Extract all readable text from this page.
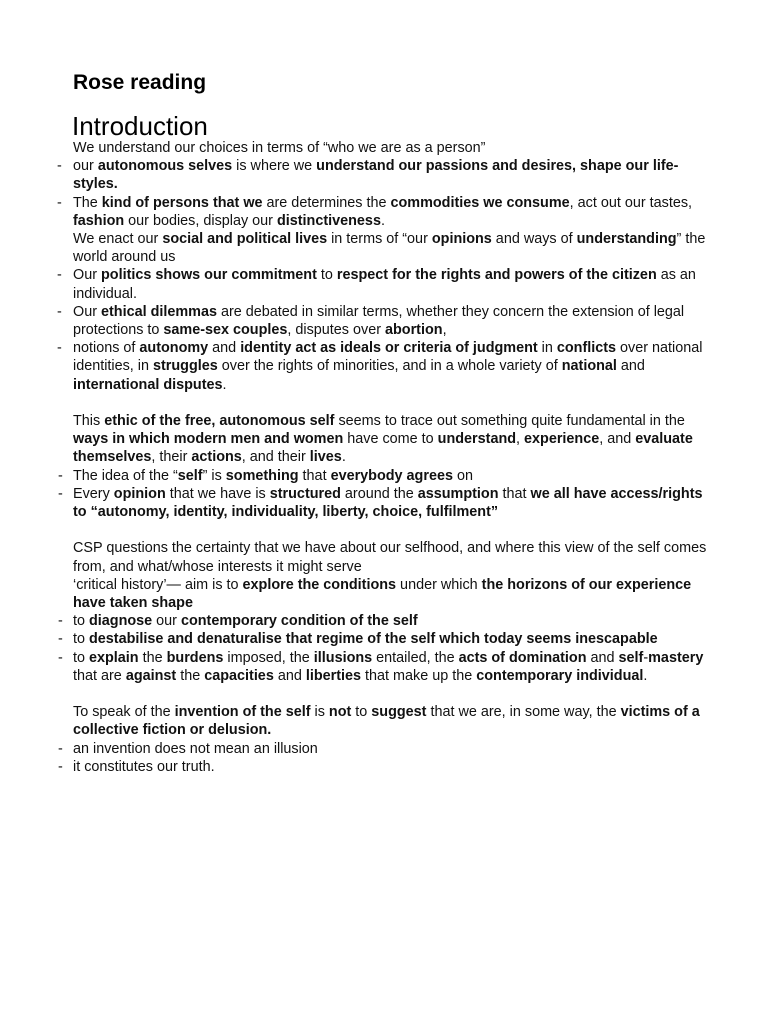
Rose reading
Introduction

We understand our choices in terms of “who we are as a person”

- our autonomous selves is where we understand our passions and desires, shape our life-styles.
- The kind of persons that we are determines the commodities we consume, act out our tastes, fashion our bodies, display our distinctiveness.

We enact our social and political lives in terms of “our opinions and ways of understanding” the world around us

- Our politics shows our commitment to respect for the rights and powers of the citizen as an individual.
- Our ethical dilemmas are debated in similar terms, whether they concern the extension of legal protections to same-sex couples, disputes over abortion,
- notions of autonomy and identity act as ideals or criteria of judgment in conflicts over national identities, in struggles over the rights of minorities, and in a whole variety of national and international disputes.

This ethic of the free, autonomous self seems to trace out something quite fundamental in the ways in which modern men and women have come to understand, experience, and evaluate themselves, their actions, and their lives.

- The idea of the “self” is something that everybody agrees on
- Every opinion that we have is structured around the assumption that we all have access/rights to “autonomy, identity, individuality, liberty, choice, fulfilment”

CSP questions the certainty that we have about our selfhood, and where this view of the self comes from, and what/whose interests it might serve

‘critical history’— aim is to explore the conditions under which the horizons of our experience have taken shape

- to diagnose our contemporary condition of the self
- to destabilise and denaturalise that regime of the self which today seems inescapable
- to explain the burdens imposed, the illusions entailed, the acts of domination and self-mastery that are against the capacities and liberties that make up the contemporary individual.

To speak of the invention of the self is not to suggest that we are, in some way, the victims of a collective fiction or delusion.

- an invention does not mean an illusion
- it constitutes our truth.
